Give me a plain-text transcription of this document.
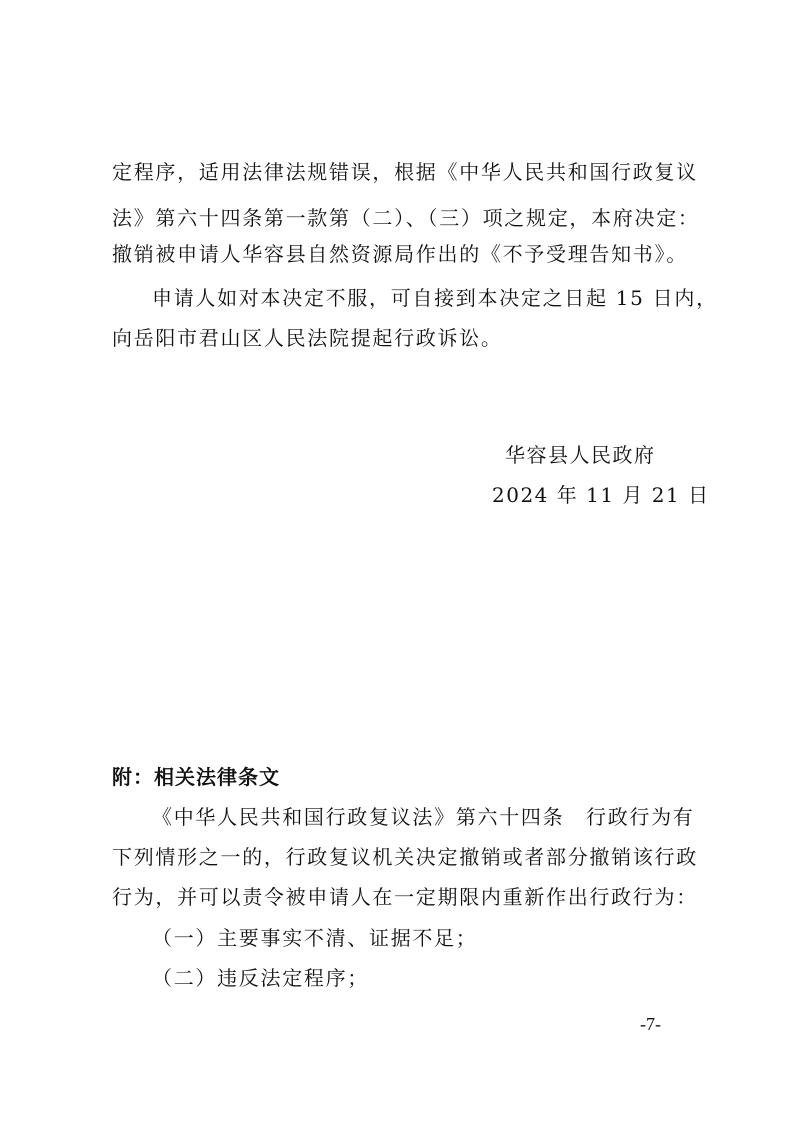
定程序，适用法律法规错误，根据《中华人民共和国行政复议
法》第六十四条第一款第（二）、（三）项之规定，本府决定：
撤销被申请人华容县自然资源局作出的《不予受理告知书》。
申请人如对本决定不服，可自接到本决定之日起 15 日内，
向岳阳市君山区人民法院提起行政诉讼。
华容县人民政府
2024 年 11 月 21 日
附：相关法律条文
《中华人民共和国行政复议法》第六十四条　行政行为有
下列情形之一的，行政复议机关决定撤销或者部分撤销该行政
行为，并可以责令被申请人在一定期限内重新作出行政行为：
（一）主要事实不清、证据不足；
（二）违反法定程序；
-7-
